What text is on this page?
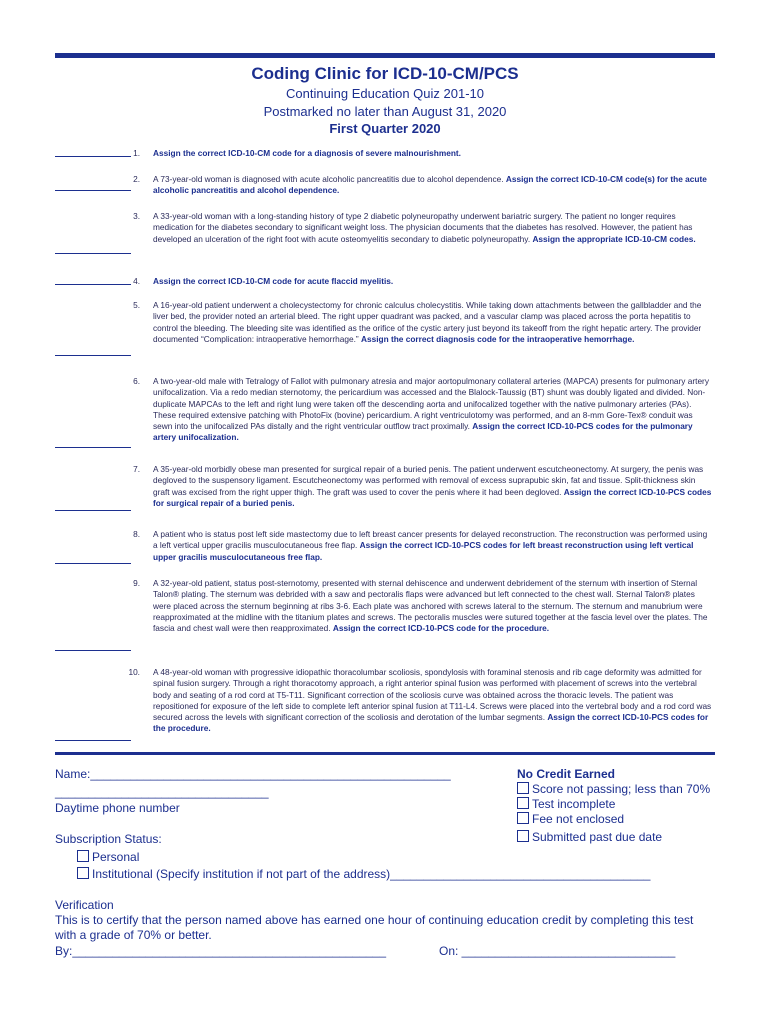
Coding Clinic for ICD-10-CM/PCS

Continuing Education Quiz 201-10

Postmarked no later than August 31, 2020

First Quarter 2020

1. Assign the correct ICD-10-CM code for a diagnosis of severe malnourishment.

2. A 73-year-old woman is diagnosed with acute alcoholic pancreatitis due to alcohol dependence. Assign the correct ICD-10-CM code(s) for the acute alcoholic pancreatitis and alcohol dependence.

3. A 33-year-old woman with a long-standing history of type 2 diabetic polyneuropathy underwent bariatric surgery. The patient no longer requires medication for the diabetes secondary to significant weight loss. The physician documents that the diabetes has resolved. However, the patient has developed an ulceration of the right foot with acute osteomyelitis secondary to diabetic polyneuropathy. Assign the appropriate ICD-10-CM codes.

4. Assign the correct ICD-10-CM code for acute flaccid myelitis.

5. A 16-year-old patient underwent a cholecystectomy for chronic calculus cholecystitis. While taking down attachments between the gallbladder and the liver bed, the provider noted an arterial bleed. The right upper quadrant was packed, and a vascular clamp was placed across the porta hepatitis to control the bleeding. The bleeding site was identified as the orifice of the cystic artery just beyond its takeoff from the right hepatic artery. The provider documented “Complication: intraoperative hemorrhage.” Assign the correct diagnosis code for the intraoperative hemorrhage.

6. A two-year-old male with Tetralogy of Fallot with pulmonary atresia and major aortopulmonary collateral arteries (MAPCA) presents for pulmonary artery unifocalization. Via a redo median sternotomy, the pericardium was accessed and the Blalock-Taussig (BT) shunt was doubly ligated and divided. Non-duplicate MAPCAs to the left and right lung were taken off the descending aorta and unifocalized together with the native pulmonary arteries (PAs). These required extensive patching with PhotoFix (bovine) pericardium. A right ventriculotomy was performed, and an 8-mm Gore-Tex® conduit was sewn into the unifocalized PAs distally and the right ventricular outflow tract proximally. Assign the correct ICD-10-PCS codes for the pulmonary artery unifocalization.

7. A 35-year-old morbidly obese man presented for surgical repair of a buried penis. The patient underwent escutcheonectomy. At surgery, the penis was degloved to the suspensory ligament. Escutcheonectomy was performed with removal of excess suprapubic skin, fat and tissue. Split-thickness skin graft was excised from the right upper thigh. The graft was used to cover the penis where it had been degloved. Assign the correct ICD-10-PCS codes for surgical repair of a buried penis.

8. A patient who is status post left side mastectomy due to left breast cancer presents for delayed reconstruction. The reconstruction was performed using a left vertical upper gracilis musculocutaneous free flap. Assign the correct ICD-10-PCS codes for left breast reconstruction using left vertical upper gracilis musculocutaneous free flap.

9. A 32-year-old patient, status post-sternotomy, presented with sternal dehiscence and underwent debridement of the sternum with insertion of Sternal Talon® plating. The sternum was debrided with a saw and pectoralis flaps were advanced but left connected to the chest wall. Sternal Talon® plates were placed across the sternum beginning at ribs 3-6. Each plate was anchored with screws lateral to the sternum. The sternum and manubrium were reapproximated at the midline with the titanium plates and screws. The pectoralis muscles were sutured together at the fascia level over the plates. The fascia and chest wall were then reapproximated. Assign the correct ICD-10-PCS code for the procedure.

10. A 48-year-old woman with progressive idiopathic thoracolumbar scoliosis, spondylosis with foraminal stenosis and rib cage deformity was admitted for spinal fusion surgery. Through a right thoracotomy approach, a right anterior spinal fusion was performed with placement of screws into the vertebral body and seating of a rod cord at T5-T11. Significant correction of the scoliosis curve was obtained across the thoracic levels. The patient was repositioned for exposure of the left side to complete left anterior spinal fusion at T11-L4. Screws were placed into the vertebral body and a rod cord was secured across the levels with significant correction of the scoliosis and derotation of the lumbar segments. Assign the correct ICD-10-PCS codes for the procedure.

Name:______________________________________________________

________________________________

Daytime phone number

Subscription Status:

Personal

Institutional (Specify institution if not part of the address)_______________________________________

No Credit Earned

Score not passing; less than 70%

Test incomplete

Fee not enclosed

Submitted past due date

Verification

This is to certify that the person named above has earned one hour of continuing education credit by completing this test

with a grade of 70% or better.

By:_______________________________________________	On: ________________________________
